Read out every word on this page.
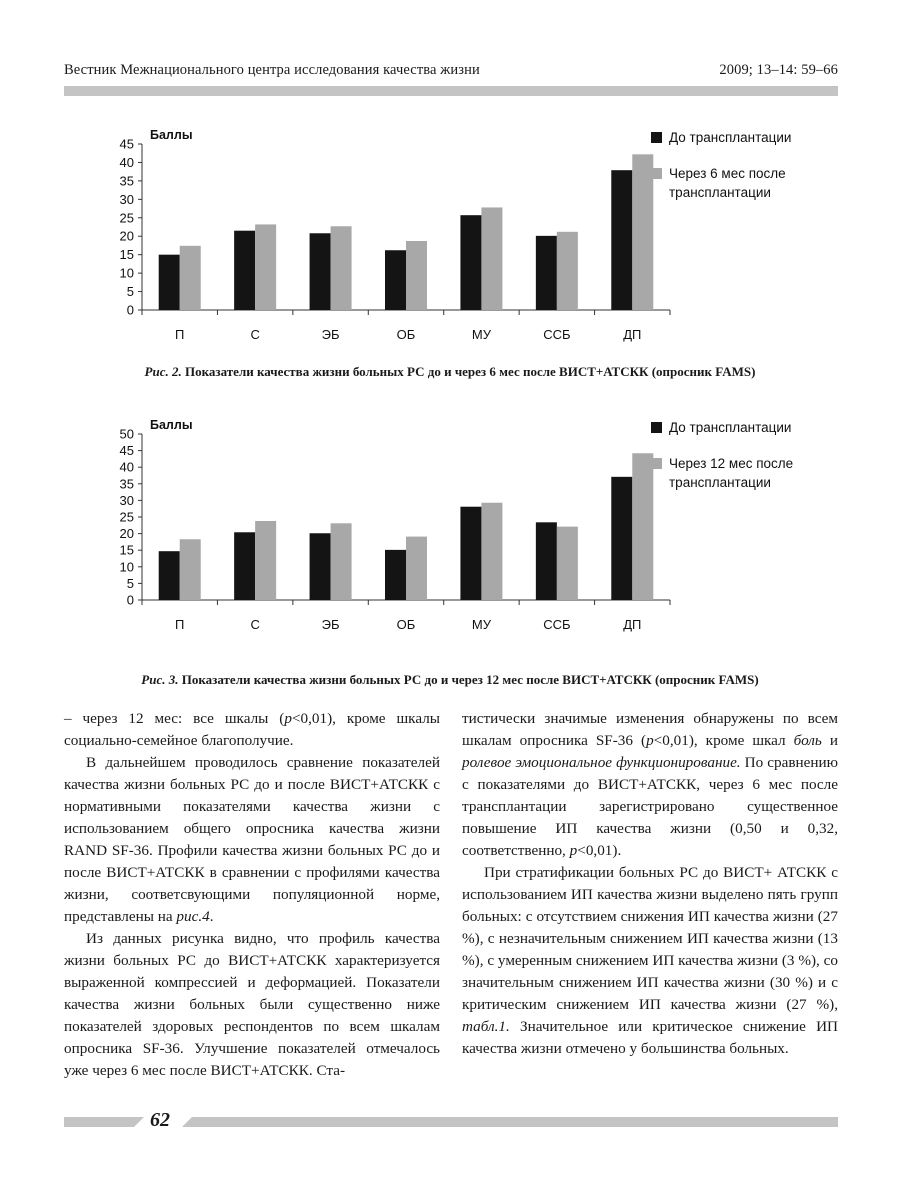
Вестник Межнационального центра исследования качества жизни	2009; 13–14: 59–66
Баллы
0
5
10
15
20
25
30
35
40
45
П	С	ЭБ	ОБ	МУ	ССБ	ДП
До трансплантации
Через 6 мес после
трансплантации
Рис. 2. Показатели качества жизни больных РС до и через 6 мес после ВИСТ+АТСКК (опросник FAMS)
Баллы
0
5
10
15
20
25
30
35
40
45
50
П	С	ЭБ	ОБ	МУ	ССБ	ДП
До трансплантации
Через 12 мес после
трансплантации
Рис. 3. Показатели качества жизни больных РС до и через 12 мес после ВИСТ+АТСКК (опросник FAMS)

– через 12 мес: все шкалы (p<0,01), кроме шкалы социально-семейное благополучие.

В дальнейшем проводилось сравнение показателей качества жизни больных РС до и после ВИСТ+АТСКК с нормативными показателями качества жизни с использованием общего опросника качества жизни RAND SF-36. Профили качества жизни больных РС до и после ВИСТ+АТСКК в сравнении с профилями качества жизни, соответсвующими популяционной норме, представлены на рис.4.

Из данных рисунка видно, что профиль качества жизни больных РС до ВИСТ+АТСКК характеризуется выраженной компрессией и деформацией. Показатели качества жизни больных были существенно ниже показателей здоровых респондентов по всем шкалам опросника SF-36. Улучшение показателей отмечалось уже через 6 мес после ВИСТ+АТСКК. Ста-

тистически значимые изменения обнаружены по всем шкалам опросника SF-36 (p<0,01), кроме шкал боль и ролевое эмоциональное функционирование. По сравнению с показателями до ВИСТ+АТСКК, через 6 мес после трансплантации зарегистрировано существенное повышение ИП качества жизни (0,50 и 0,32, соответственно, p<0,01).

При стратификации больных РС до ВИСТ+ АТСКК с использованием ИП качества жизни выделено пять групп больных: с отсутствием снижения ИП качества жизни (27 %), с незначительным снижением ИП качества жизни (13 %), с умеренным снижением ИП качества жизни (3 %), со значительным снижением ИП качества жизни (30 %) и с критическим снижением ИП качества жизни (27 %), табл.1. Значительное или критическое снижение ИП качества жизни отмечено у большинства больных.

62
